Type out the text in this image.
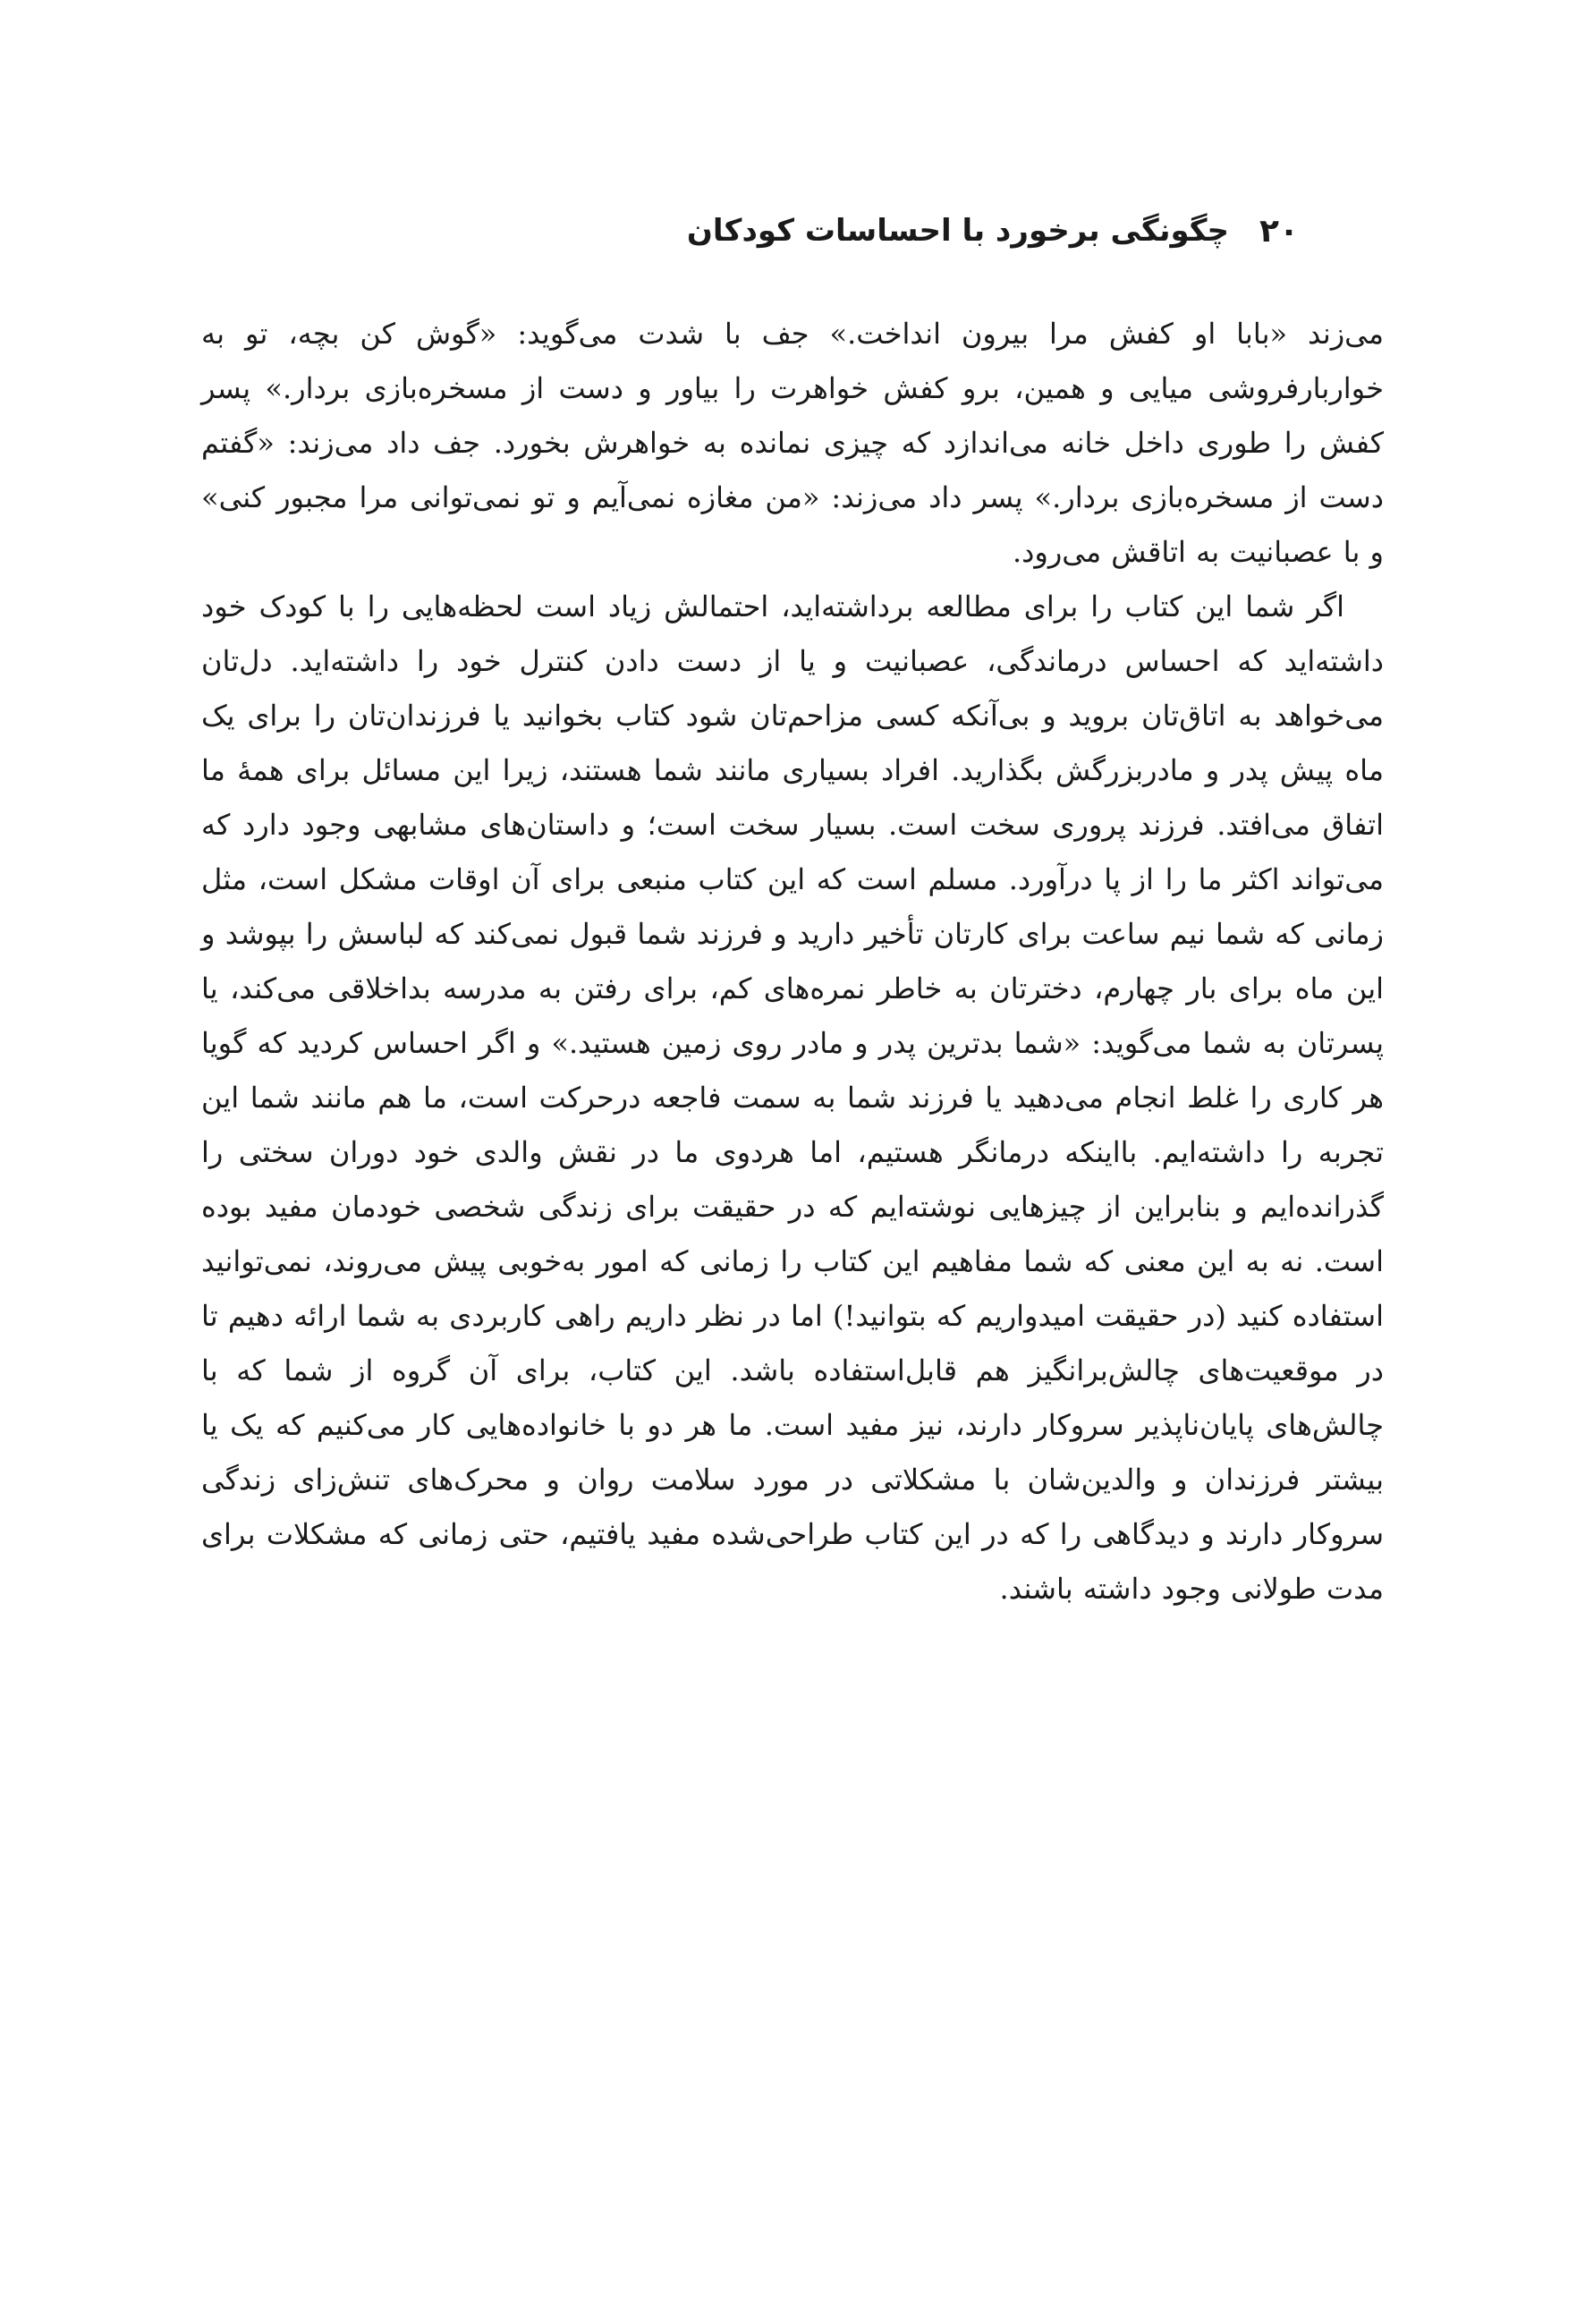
۲۰
چگونگی برخورد با احساسات کودکان

می‌زند «بابا او کفش مرا بیرون انداخت.» جف با شدت می‌گوید: «گوش کن بچه، تو به خواربارفروشی میایی و همین، برو کفش خواهرت را بیاور و دست از مسخره‌بازی بردار.» پسر کفش را طوری داخل خانه می‌اندازد که چیزی نمانده به خواهرش بخورد. جف داد می‌زند: «گفتم دست از مسخره‌بازی بردار.» پسر داد می‌زند: «من مغازه نمی‌آیم و تو نمی‌توانی مرا مجبور کنی» و با عصبانیت به اتاقش می‌رود.

اگر شما این کتاب را برای مطالعه برداشته‌اید، احتمالش زیاد است لحظه‌هایی را با کودک خود داشته‌اید که احساس درماندگی، عصبانیت و یا از دست دادن کنترل خود را داشته‌اید. دل‌تان می‌خواهد به اتاق‌تان بروید و بی‌آنکه کسی مزاحم‌تان شود کتاب بخوانید یا فرزندان‌تان را برای یک ماه پیش پدر و مادربزرگش بگذارید. افراد بسیاری مانند شما هستند، زیرا این مسائل برای همهٔ ما اتفاق می‌افتد. فرزند پروری سخت است. بسیار سخت است؛ و داستان‌های مشابهی وجود دارد که می‌تواند اکثر ما را از پا درآورد. مسلم است که این کتاب منبعی برای آن اوقات مشکل است، مثل زمانی که شما نیم ساعت برای کارتان تأخیر دارید و فرزند شما قبول نمی‌کند که لباسش را بپوشد و این ماه برای بار چهارم، دخترتان به خاطر نمره‌های کم، برای رفتن به مدرسه بداخلاقی می‌کند، یا پسرتان به شما می‌گوید: «شما بدترین پدر و مادر روی زمین هستید.» و اگر احساس کردید که گویا هر کاری را غلط انجام می‌دهید یا فرزند شما به سمت فاجعه درحرکت است، ما هم مانند شما این تجربه را داشته‌ایم. بااینکه درمانگر هستیم، اما هردوی ما در نقش والدی خود دوران سختی را گذرانده‌ایم و بنابراین از چیزهایی نوشته‌ایم که در حقیقت برای زندگی شخصی خودمان مفید بوده است. نه به این معنی که شما مفاهیم این کتاب را زمانی که امور به‌خوبی پیش می‌روند، نمی‌توانید استفاده کنید (در حقیقت امیدواریم که بتوانید!) اما در نظر داریم راهی کاربردی به شما ارائه دهیم تا در موقعیت‌های چالش‌برانگیز هم قابل‌استفاده باشد. این کتاب، برای آن گروه از شما که با چالش‌های پایان‌ناپذیر سروکار دارند، نیز مفید است. ما هر دو با خانواده‌هایی کار می‌کنیم که یک یا بیشتر فرزندان و والدین‌شان با مشکلاتی در مورد سلامت روان و محرک‌های تنش‌زای زندگی سروکار دارند و دیدگاهی را که در این کتاب طراحی‌شده مفید یافتیم، حتی زمانی که مشکلات برای مدت طولانی وجود داشته باشند.
